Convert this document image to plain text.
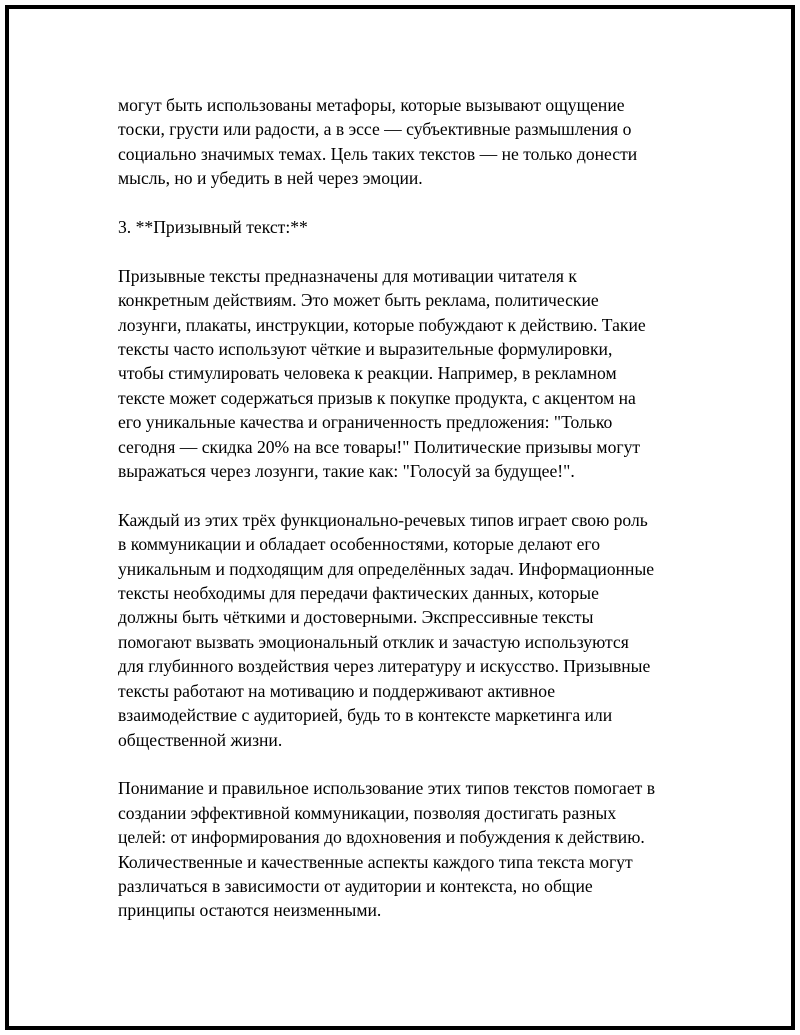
могут быть использованы метафоры, которые вызывают ощущение
тоски, грусти или радости, а в эссе — субъективные размышления о
социально значимых темах. Цель таких текстов — не только донести
мысль, но и убедить в ней через эмоции.
3. **Призывный текст:**
Призывные тексты предназначены для мотивации читателя к
конкретным действиям. Это может быть реклама, политические
лозунги, плакаты, инструкции, которые побуждают к действию. Такие
тексты часто используют чёткие и выразительные формулировки,
чтобы стимулировать человека к реакции. Например, в рекламном
тексте может содержаться призыв к покупке продукта, с акцентом на
его уникальные качества и ограниченность предложения: "Только
сегодня — скидка 20% на все товары!" Политические призывы могут
выражаться через лозунги, такие как: "Голосуй за будущее!".
Каждый из этих трёх функционально-речевых типов играет свою роль
в коммуникации и обладает особенностями, которые делают его
уникальным и подходящим для определённых задач. Информационные
тексты необходимы для передачи фактических данных, которые
должны быть чёткими и достоверными. Экспрессивные тексты
помогают вызвать эмоциональный отклик и зачастую используются
для глубинного воздействия через литературу и искусство. Призывные
тексты работают на мотивацию и поддерживают активное
взаимодействие с аудиторией, будь то в контексте маркетинга или
общественной жизни.
Понимание и правильное использование этих типов текстов помогает в
создании эффективной коммуникации, позволяя достигать разных
целей: от информирования до вдохновения и побуждения к действию.
Количественные и качественные аспекты каждого типа текста могут
различаться в зависимости от аудитории и контекста, но общие
принципы остаются неизменными.
